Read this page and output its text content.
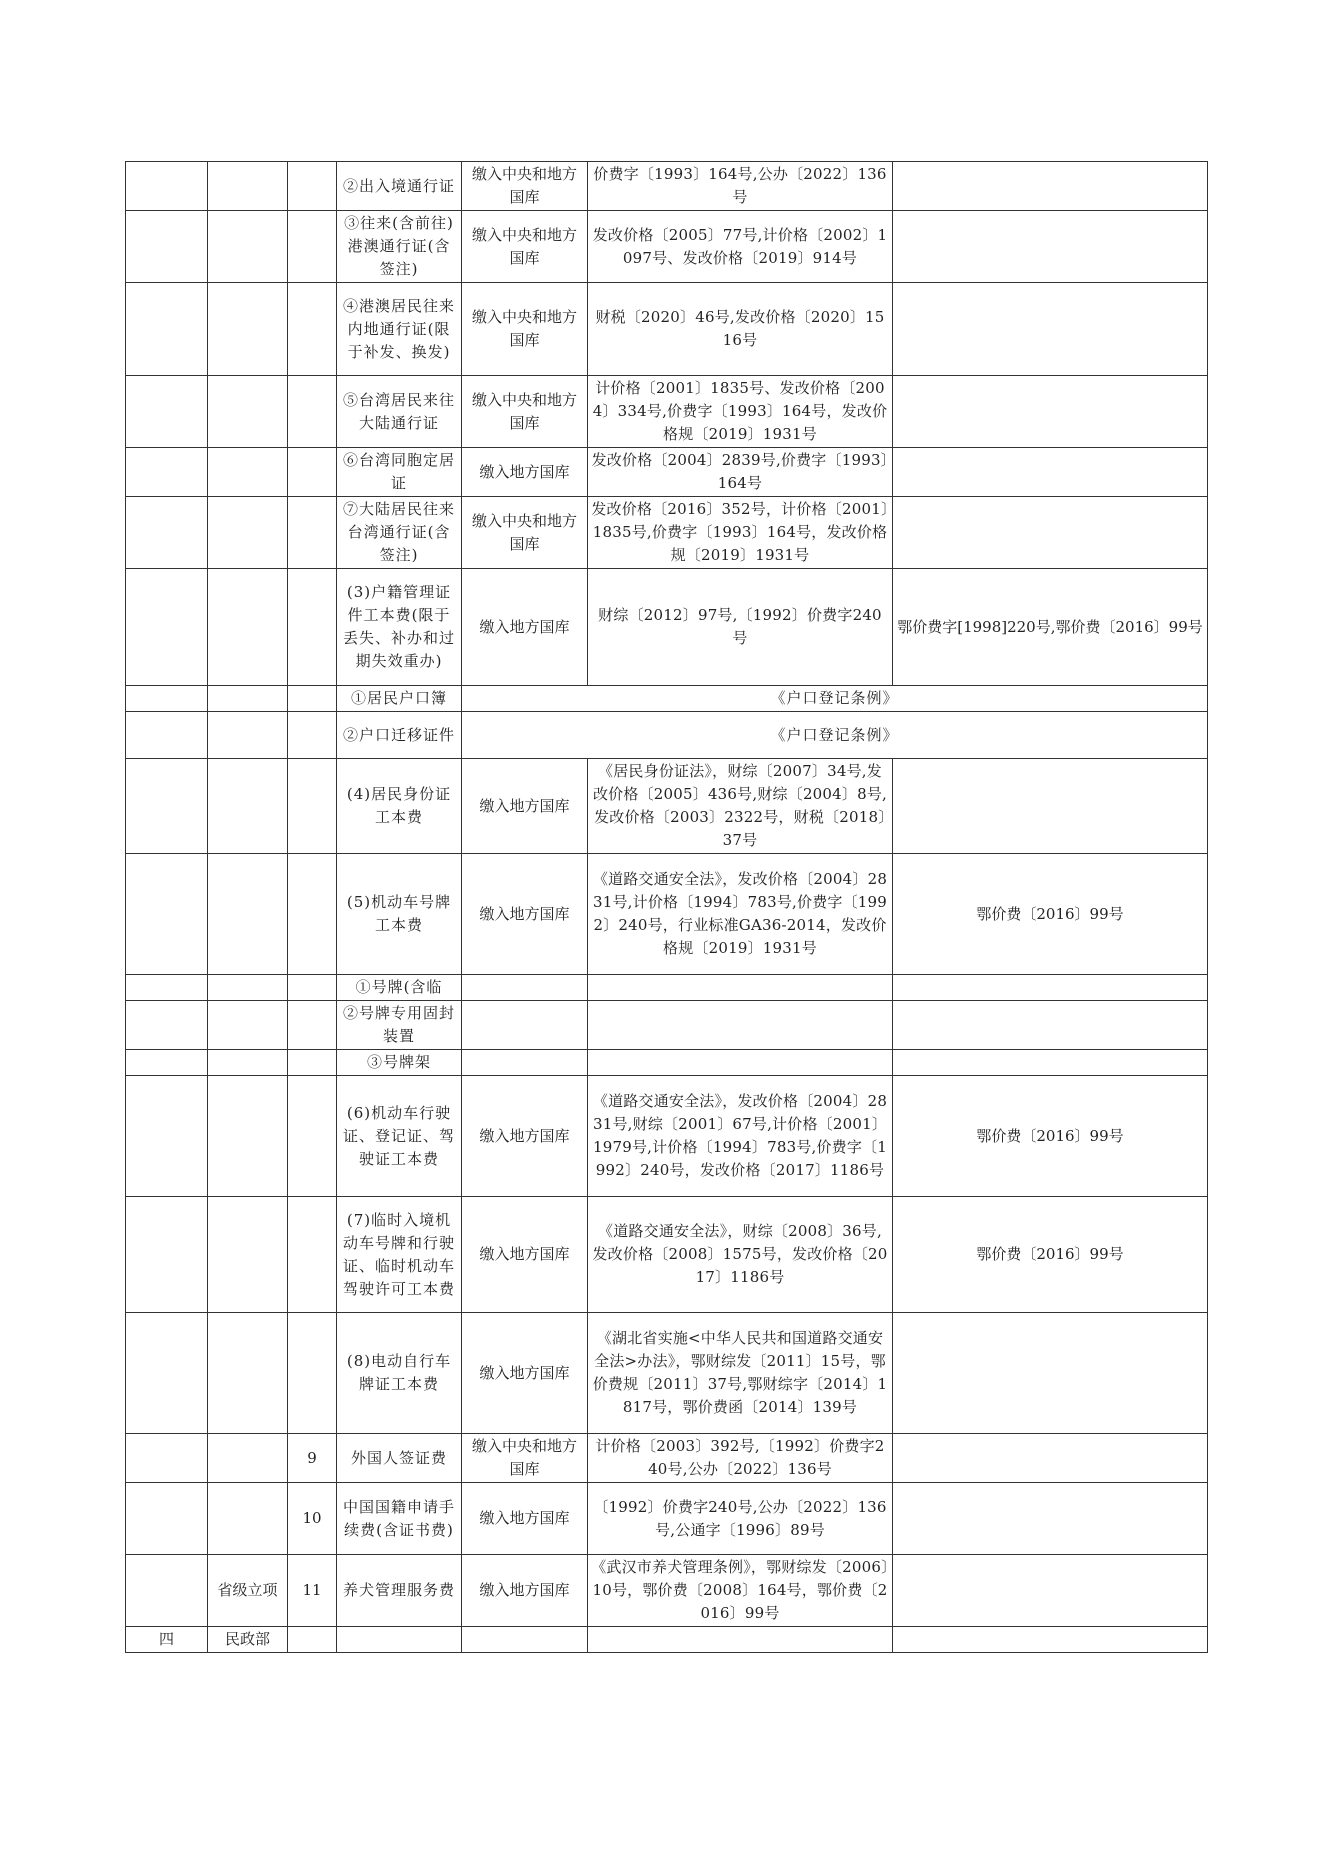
			②出入境通行证	缴入中央和地方国库	价费字〔1993〕164号,公办〔2022〕136号	
			③往来(含前往)港澳通行证(含签注)	缴入中央和地方国库	发改价格〔2005〕77号,计价格〔2002〕1097号、发改价格〔2019〕914号	
			④港澳居民往来内地通行证(限于补发、换发)	缴入中央和地方国库	财税〔2020〕46号,发改价格〔2020〕1516号	
			⑤台湾居民来往大陆通行证	缴入中央和地方国库	计价格〔2001〕1835号、发改价格〔2004〕334号,价费字〔1993〕164号，发改价格规〔2019〕1931号	
			⑥台湾同胞定居证	缴入地方国库	发改价格〔2004〕2839号,价费字〔1993〕164号	
			⑦大陆居民往来台湾通行证(含签注)	缴入中央和地方国库	发改价格〔2016〕352号，计价格〔2001〕1835号,价费字〔1993〕164号，发改价格规〔2019〕1931号	
			(3)户籍管理证件工本费(限于丢失、补办和过期失效重办)	缴入地方国库	财综〔2012〕97号,〔1992〕价费字240号	鄂价费字[1998]220号,鄂价费〔2016〕99号
			①居民户口簿	《户口登记条例》		
			②户口迁移证件	《户口登记条例》		
			(4)居民身份证工本费	缴入地方国库	《居民身份证法》，财综〔2007〕34号,发改价格〔2005〕436号,财综〔2004〕8号,发改价格〔2003〕2322号，财税〔2018〕37号	
			(5)机动车号牌工本费	缴入地方国库	《道路交通安全法》，发改价格〔2004〕2831号,计价格〔1994〕783号,价费字〔1992〕240号，行业标准GA36-2014，发改价格规〔2019〕1931号	鄂价费〔2016〕99号
			①号牌(含临			
			②号牌专用固封装置			
			③号牌架			
			(6)机动车行驶证、登记证、驾驶证工本费	缴入地方国库	《道路交通安全法》，发改价格〔2004〕2831号,财综〔2001〕67号,计价格〔2001〕1979号,计价格〔1994〕783号,价费字〔1992〕240号，发改价格〔2017〕1186号	鄂价费〔2016〕99号
			(7)临时入境机动车号牌和行驶证、临时机动车驾驶许可工本费	缴入地方国库	《道路交通安全法》，财综〔2008〕36号,发改价格〔2008〕1575号，发改价格〔2017〕1186号	鄂价费〔2016〕99号
			(8)电动自行车牌证工本费	缴入地方国库	《湖北省实施<中华人民共和国道路交通安全法>办法》，鄂财综发〔2011〕15号，鄂价费规〔2011〕37号,鄂财综字〔2014〕1817号，鄂价费函〔2014〕139号	
		9	外国人签证费	缴入中央和地方国库	计价格〔2003〕392号,〔1992〕价费字240号,公办〔2022〕136号	
		10	中国国籍申请手续费(含证书费)	缴入地方国库	〔1992〕价费字240号,公办〔2022〕136号,公通字〔1996〕89号	
	省级立项	11	养犬管理服务费	缴入地方国库	《武汉市养犬管理条例》，鄂财综发〔2006〕10号，鄂价费〔2008〕164号，鄂价费〔2016〕99号	
四	民政部					
